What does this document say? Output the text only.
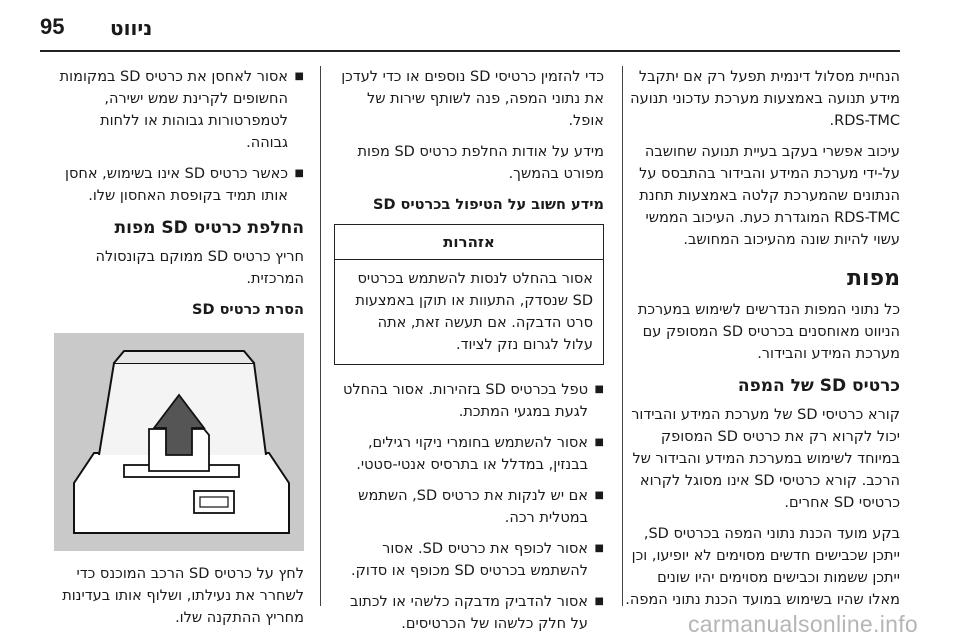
95 ניווט

הנחיית מסלול דינמית תפעל רק אם יתקבל מידע תנועה באמצעות מערכת עדכוני תנועה RDS-TMC.

עיכוב אפשרי בעקב בעיית תנועה שחושבה על-ידי מערכת המידע והבידור בהתבסס על הנתונים שהמערכת קלטה באמצעות תחנת RDS-TMC המוגדרת כעת. העיכוב הממשי עשוי להיות שונה מהעיכוב המחושב.

מפות

כל נתוני המפות הנדרשים לשימוש במערכת הניווט מאוחסנים בכרטיס SD המסופק עם מערכת המידע והבידור.

כרטיס SD של המפה

קורא כרטיסי SD של מערכת המידע והבידור יכול לקרוא רק את כרטיס SD המסופק במיוחד לשימוש במערכת המידע והבידור של הרכב. קורא כרטיסי SD אינו מסוגל לקרוא כרטיסי SD אחרים.

בקע מועד הכנת נתוני המפה בכרטיס SD, ייתכן שכבישים חדשים מסוימים לא יופיעו, וכן ייתכן ששמות וכבישים מסוימים יהיו שונים מאלו שהיו בשימוש במועד הכנת נתוני המפה.

כדי להזמין כרטיסי SD נוספים או כדי לעדכן את נתוני המפה, פנה לשותף שירות של אופל.

מידע על אודות החלפת כרטיס SD מפות מפורט בהמשך.

מידע חשוב על הטיפול בכרטיס SD
אזהרות
אסור בהחלט לנסות להשתמש בכרטיס SD שנסדק, התעוות או תוקן באמצעות סרט הדבקה. אם תעשה זאת, אתה עלול לגרום נזק לציוד.
■
טפל בכרטיס SD בזהירות. אסור בהחלט לגעת במגעי המתכת.
■
אסור להשתמש בחומרי ניקוי רגילים, בבנזין, במדלל או בתרסיס אנטי-סטטי.
■
אם יש לנקות את כרטיס SD, השתמש במטלית רכה.
■
אסור לכופף את כרטיס SD. אסור להשתמש בכרטיס SD מכופף או סדוק.
■
אסור להדביק מדבקה כלשהי או לכתוב על חלק כלשהו של הכרטיסים.
■
אסור לאחסן את כרטיס SD במקומות החשופים לקרינת שמש ישירה, לטמפרטורות גבוהות או ללחות גבוהה.
■
כאשר כרטיס SD אינו בשימוש, אחסן אותו תמיד בקופסת האחסון שלו.
החלפת כרטיס SD מפות

חריץ כרטיס SD ממוקם בקונסולה המרכזית.

הסרת כרטיס SD

לחץ על כרטיס SD הרכב המוכנס כדי לשחרר את נעילתו, ושלוף אותו בעדינות מחריץ ההתקנה שלו.	carmanualsonline.info
